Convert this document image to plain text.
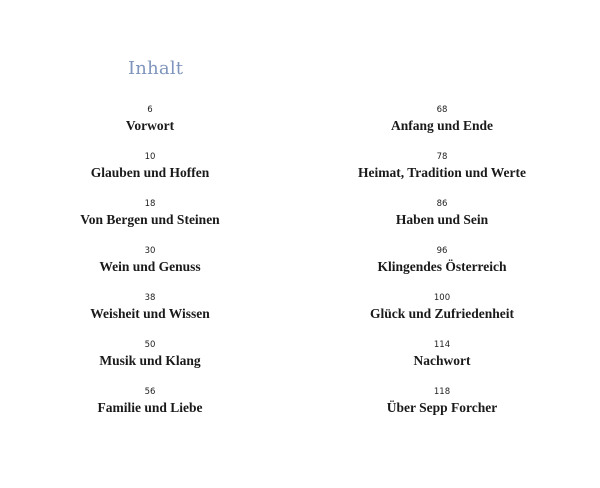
Inhalt
6
Vorwort
10
Glauben und Hoffen
18
Von Bergen und Steinen
30
Wein und Genuss
38
Weisheit und Wissen
50
Musik und Klang
56
Familie und Liebe
68
Anfang und Ende
78
Heimat, Tradition und Werte
86
Haben und Sein
96
Klingendes Österreich
100
Glück und Zufriedenheit
114
Nachwort
118
Über Sepp Forcher
